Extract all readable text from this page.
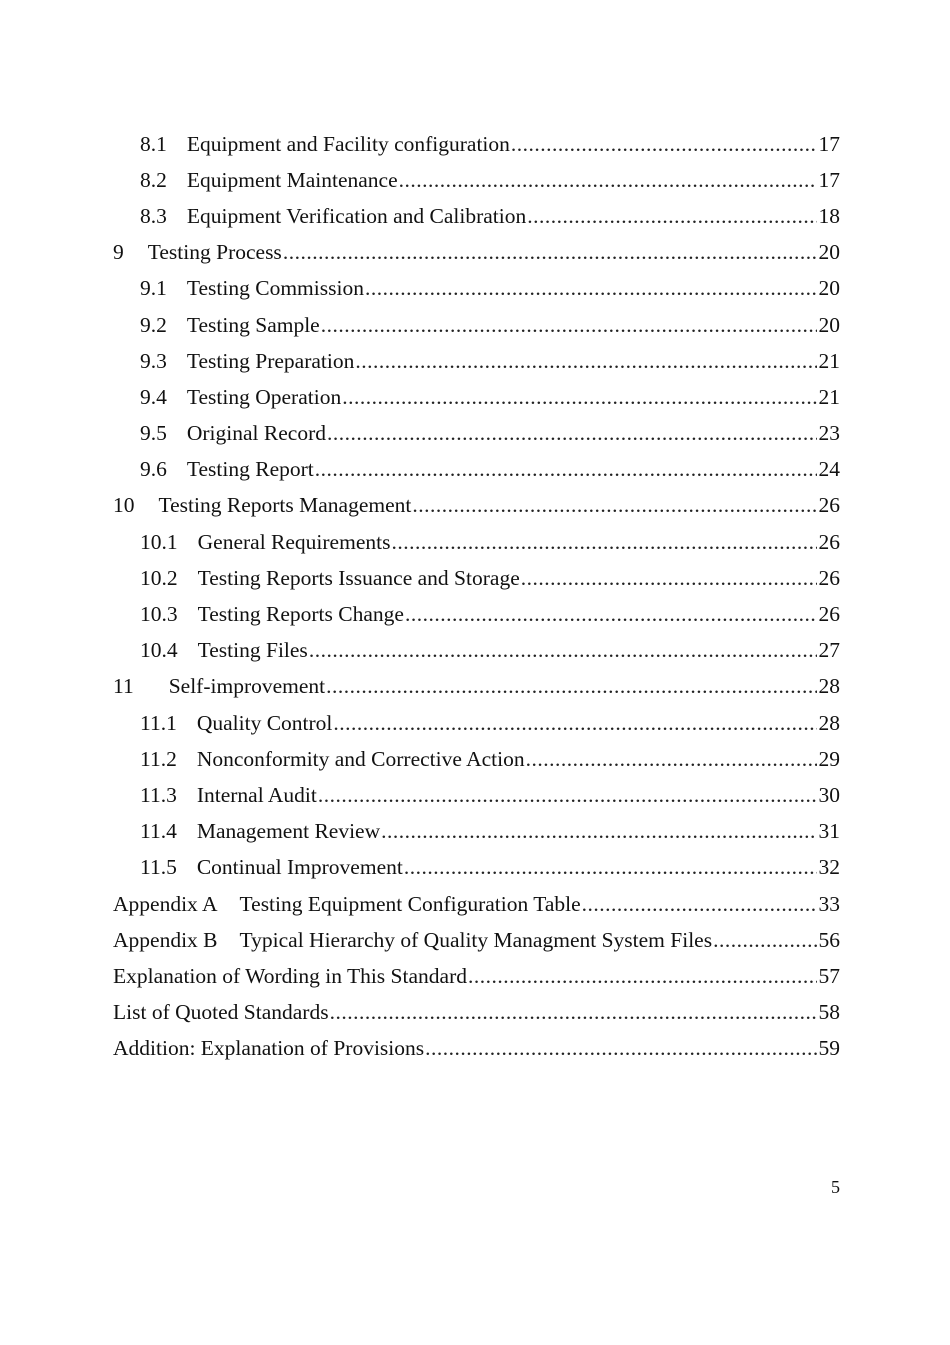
8.1 Equipment and Facility configuration .....	17
8.2 Equipment Maintenance .....	17
8.3 Equipment Verification and Calibration .....	18
9 Testing Process .....	20
9.1 Testing Commission .....	20
9.2 Testing Sample .....	20
9.3 Testing Preparation .....	21
9.4 Testing Operation .....	21
9.5 Original Record .....	23
9.6 Testing Report .....	24
10 Testing Reports Management .....	26
10.1 General Requirements .....	26
10.2 Testing Reports Issuance and Storage .....	26
10.3 Testing Reports Change .....	26
10.4 Testing Files .....	27
11 Self-improvement .....	28
11.1 Quality Control .....	28
11.2 Nonconformity and Corrective Action .....	29
11.3 Internal Audit .....	30
11.4 Management Review .....	31
11.5 Continual Improvement .....	32
Appendix A Testing Equipment Configuration Table .....	33
Appendix B Typical Hierarchy of Quality Managment System Files .....	56
Explanation of Wording in This Standard .....	57
List of Quoted Standards .....	58
Addition: Explanation of Provisions .....	59
5
